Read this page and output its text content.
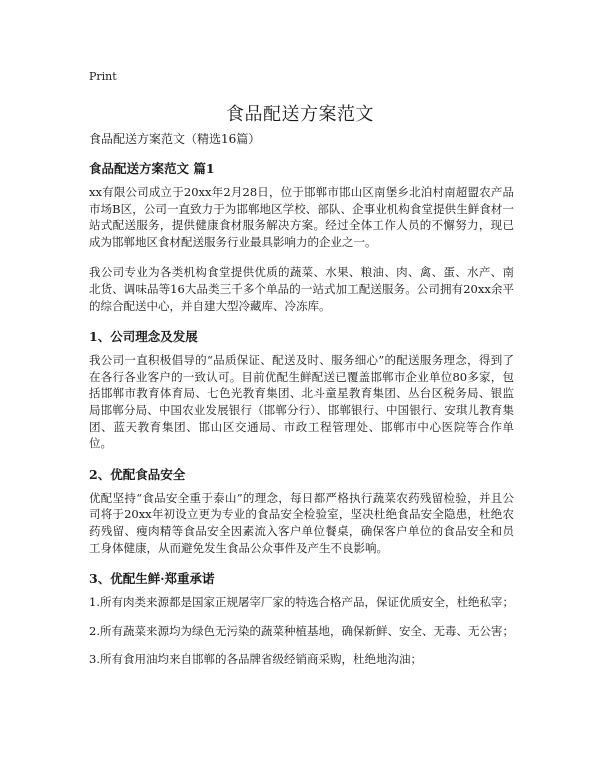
Print
食品配送方案范文

食品配送方案范文（精选16篇）

食品配送方案范文 篇1

xx有限公司成立于20xx年2月28日，位于邯郸市邯山区南堡乡北泊村南超盟农产品市场B区，公司一直致力于为邯郸地区学校、部队、企事业机构食堂提供生鲜食材一站式配送服务，提供健康食材服务解决方案。经过全体工作人员的不懈努力，现已成为邯郸地区食材配送服务行业最具影响力的企业之一。

我公司专业为各类机构食堂提供优质的蔬菜、水果、粮油、肉、禽、蛋、水产、南北货、调味品等16大品类三千多个单品的一站式加工配送服务。公司拥有20xx余平的综合配送中心，并自建大型冷藏库、冷冻库。

1、公司理念及发展

我公司一直积极倡导的“品质保证、配送及时、服务细心”的配送服务理念，得到了在各行各业客户的一致认可。目前优配生鲜配送已覆盖邯郸市企业单位80多家，包括邯郸市教育体育局、七色光教育集团、北斗童星教育集团、丛台区税务局、银监局邯郸分局、中国农业发展银行（邯郸分行）、邯郸银行、中国银行、安琪儿教育集团、蓝天教育集团、邯山区交通局、市政工程管理处、邯郸市中心医院等合作单位。

2、优配食品安全

优配坚持“食品安全重于泰山”的理念，每日都严格执行蔬菜农药残留检验，并且公司将于20xx年初设立更为专业的食品安全检验室，坚决杜绝食品安全隐患，杜绝农药残留、瘦肉精等食品安全因素流入客户单位餐桌，确保客户单位的食品安全和员工身体健康，从而避免发生食品公众事件及产生不良影响。

3、优配生鲜·郑重承诺

1.所有肉类来源都是国家正规屠宰厂家的特选合格产品，保证优质安全，杜绝私宰；

2.所有蔬菜来源均为绿色无污染的蔬菜种植基地，确保新鲜、安全、无毒、无公害；

3.所有食用油均来自邯郸的各品牌省级经销商采购，杜绝地沟油；
